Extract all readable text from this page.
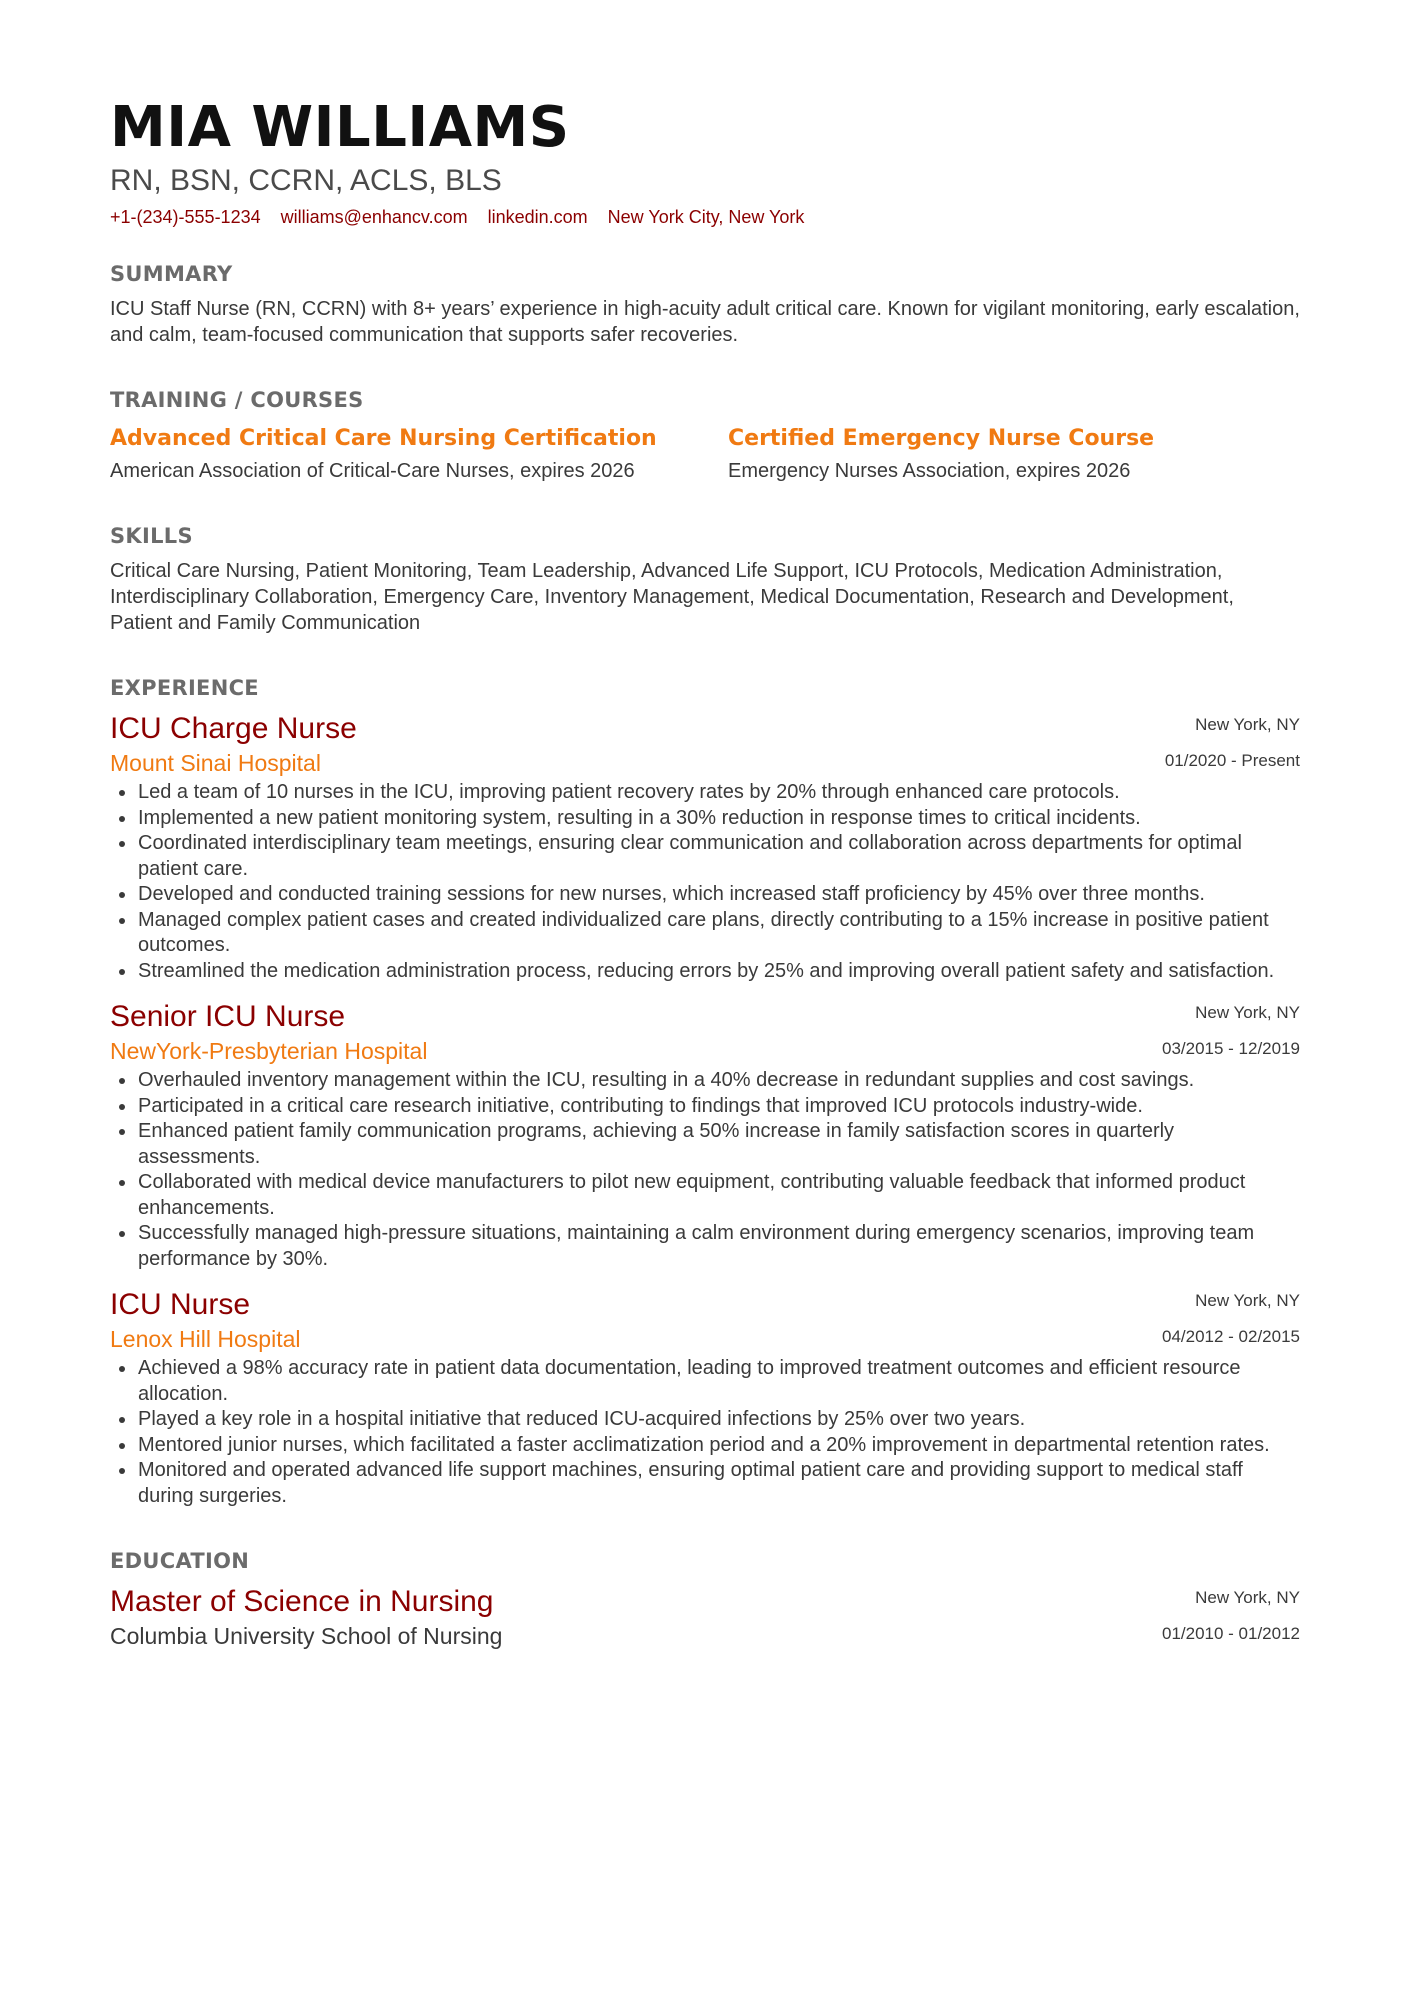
MIA WILLIAMS
RN, BSN, CCRN, ACLS, BLS
+1-(234)-555-1234 williams@enhancv.com linkedin.com New York City, New York
SUMMARY
ICU Staff Nurse (RN, CCRN) with 8+ years’ experience in high-acuity adult critical care. Known for vigilant monitoring, early escalation, and calm, team-focused communication that supports safer recoveries.
TRAINING / COURSES
Advanced Critical Care Nursing Certification
American Association of Critical-Care Nurses, expires 2026
Certified Emergency Nurse Course
Emergency Nurses Association, expires 2026
SKILLS
Critical Care Nursing, Patient Monitoring, Team Leadership, Advanced Life Support, ICU Protocols, Medication Administration, Interdisciplinary Collaboration, Emergency Care, Inventory Management, Medical Documentation, Research and Development, Patient and Family Communication
EXPERIENCE
ICU Charge Nurse
Mount Sinai Hospital
New York, NY
01/2020 - Present
Led a team of 10 nurses in the ICU, improving patient recovery rates by 20% through enhanced care protocols.
Implemented a new patient monitoring system, resulting in a 30% reduction in response times to critical incidents.
Coordinated interdisciplinary team meetings, ensuring clear communication and collaboration across departments for optimal patient care.
Developed and conducted training sessions for new nurses, which increased staff proficiency by 45% over three months.
Managed complex patient cases and created individualized care plans, directly contributing to a 15% increase in positive patient outcomes.
Streamlined the medication administration process, reducing errors by 25% and improving overall patient safety and satisfaction.
Senior ICU Nurse
NewYork-Presbyterian Hospital
New York, NY
03/2015 - 12/2019
Overhauled inventory management within the ICU, resulting in a 40% decrease in redundant supplies and cost savings.
Participated in a critical care research initiative, contributing to findings that improved ICU protocols industry-wide.
Enhanced patient family communication programs, achieving a 50% increase in family satisfaction scores in quarterly assessments.
Collaborated with medical device manufacturers to pilot new equipment, contributing valuable feedback that informed product enhancements.
Successfully managed high-pressure situations, maintaining a calm environment during emergency scenarios, improving team performance by 30%.
ICU Nurse
Lenox Hill Hospital
New York, NY
04/2012 - 02/2015
Achieved a 98% accuracy rate in patient data documentation, leading to improved treatment outcomes and efficient resource allocation.
Played a key role in a hospital initiative that reduced ICU-acquired infections by 25% over two years.
Mentored junior nurses, which facilitated a faster acclimatization period and a 20% improvement in departmental retention rates.
Monitored and operated advanced life support machines, ensuring optimal patient care and providing support to medical staff during surgeries.
EDUCATION
Master of Science in Nursing
Columbia University School of Nursing
New York, NY
01/2010 - 01/2012
